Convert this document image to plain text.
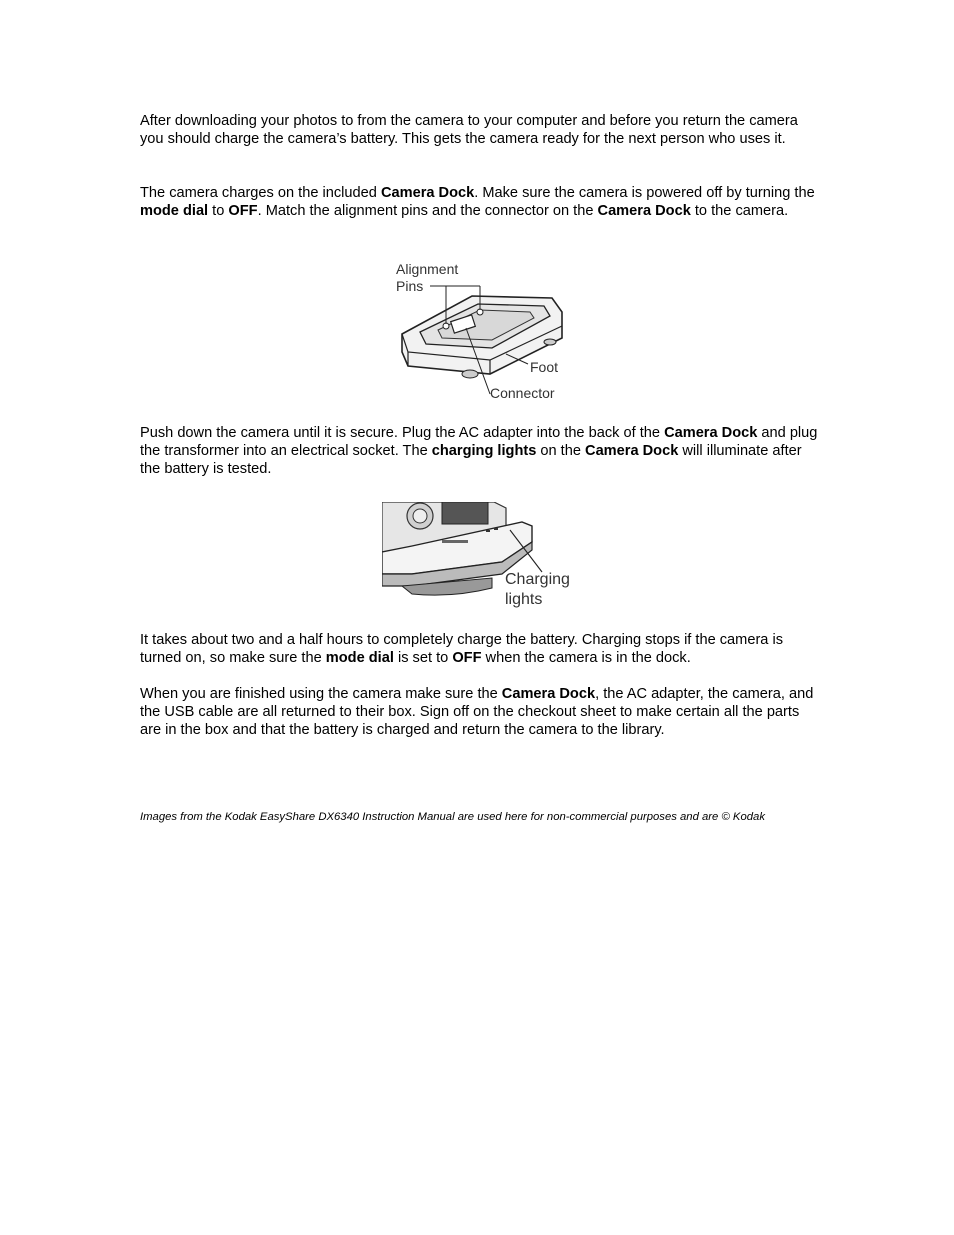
After downloading your photos to from the camera to your computer and before you return the camera you should charge the camera’s battery. This gets the camera ready for the next person who uses it.

The camera charges on the included Camera Dock. Make sure the camera is powered off by turning the mode dial to OFF. Match the alignment pins and the connector on the Camera Dock to the camera.

Alignment
Pins
Foot
Connector

Push down the camera until it is secure. Plug the AC adapter into the back of the Camera Dock and plug the transformer into an electrical socket. The charging lights on the Camera Dock will illuminate after the battery is tested.

Charging
lights

It takes about two and a half hours to completely charge the battery. Charging stops if the camera is turned on, so make sure the mode dial is set to OFF when the camera is in the dock.

When you are finished using the camera make sure the Camera Dock, the AC adapter, the camera, and the USB cable are all returned to their box. Sign off on the checkout sheet to make certain all the parts are in the box and that the battery is charged and return the camera to the library.

Images from the Kodak EasyShare DX6340 Instruction Manual are used here for non-commercial purposes and are © Kodak
